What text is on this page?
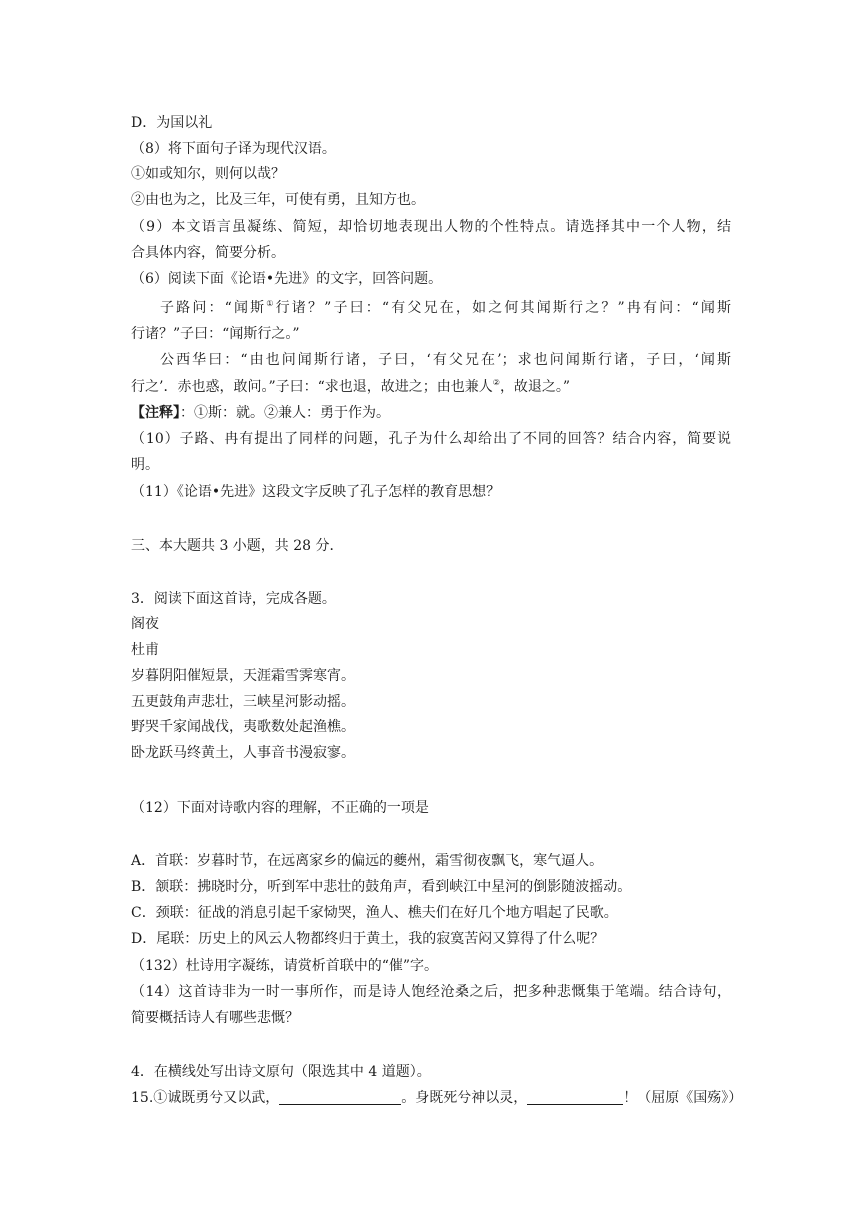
D．为国以礼
（8）将下面句子译为现代汉语。
①如或知尔，则何以哉？
②由也为之，比及三年，可使有勇，且知方也。
（9）本文语言虽凝练、简短，却恰切地表现出人物的个性特点。请选择其中一个人物，结
合具体内容，简要分析。
（6）阅读下面《论语•先进》的文字，回答问题。
子路问：“闻斯①行诸？”子曰：“有父兄在，如之何其闻斯行之？”冉有问：“闻斯
行诸？”子曰：“闻斯行之。”
公西华曰：“由也问闻斯行诸，子曰，‘有父兄在’；求也问闻斯行诸，子曰，‘闻斯
行之’．赤也惑，敢问。”子曰：“求也退，故进之；由也兼人②，故退之。”
【注释】：①斯：就。②兼人：勇于作为。
（10）子路、冉有提出了同样的问题，孔子为什么却给出了不同的回答？结合内容，简要说
明。
（11）《论语•先进》这段文字反映了孔子怎样的教育思想？
三、本大题共 3 小题，共 28 分．
3．阅读下面这首诗，完成各题。
阁夜
杜甫
岁暮阴阳催短景，天涯霜雪霁寒宵。
五更鼓角声悲壮，三峡星河影动摇。
野哭千家闻战伐，夷歌数处起渔樵。
卧龙跃马终黄土，人事音书漫寂寥。
（12）下面对诗歌内容的理解，不正确的一项是
A．首联：岁暮时节，在远离家乡的偏远的夔州，霜雪彻夜飘飞，寒气逼人。
B．颔联：拂晓时分，听到军中悲壮的鼓角声，看到峡江中星河的倒影随波摇动。
C．颈联：征战的消息引起千家恸哭，渔人、樵夫们在好几个地方唱起了民歌。
D．尾联：历史上的风云人物都终归于黄土，我的寂寞苦闷又算得了什么呢？
（132）杜诗用字凝练，请赏析首联中的“催”字。
（14）这首诗非为一时一事所作，而是诗人饱经沧桑之后，把多种悲慨集于笔端。结合诗句，
简要概括诗人有哪些悲慨？
4．在横线处写出诗文原句（限选其中 4 道题）。
15.①诚既勇兮又以武，	。身既死兮神以灵，	！（屈原《国殇》）
